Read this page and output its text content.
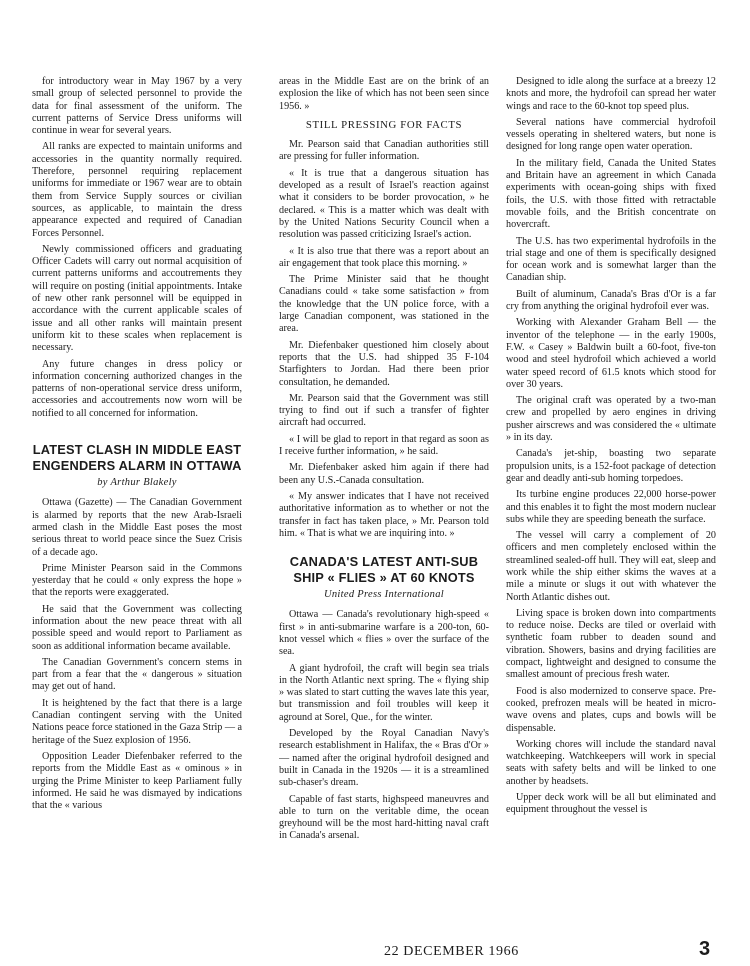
for introductory wear in May 1967 by a very small group of selected personnel to provide the data for final assessment of the uniform. The current patterns of Service Dress uniforms will continue in wear for several years.

All ranks are expected to maintain uniforms and accessories in the quantity normally required. Therefore, personnel requiring replacement uniforms for immediate or 1967 wear are to obtain them from Service Supply sources or civilian sources, as applicable, to maintain the dress appearance expected and required of Canadian Forces Personnel.

Newly commissioned officers and graduating Officer Cadets will carry out normal acquisition of current patterns uniforms and accoutrements they will require on posting (initial appointments. Intake of new other rank personnel will be equipped in accordance with the current applicable scales of issue and all other ranks will maintain present uniform kit to these scales when replacement is necessary.

Any future changes in dress policy or information concerning authorized changes in the patterns of non-operational service dress uniform, accessories and accoutrements now worn will be notified to all concerned for information.

LATEST CLASH IN MIDDLE EAST ENGENDERS ALARM IN OTTAWA
by Arthur Blakely

Ottawa (Gazette) — The Canadian Government is alarmed by reports that the new Arab-Israeli armed clash in the Middle East poses the most serious threat to world peace since the Suez Crisis of a decade ago.

Prime Minister Pearson said in the Commons yesterday that he could « only express the hope » that the reports were exaggerated.

He said that the Government was collecting information about the new peace threat with all possible speed and would report to Parliament as soon as additional information became available.

The Canadian Government's concern stems in part from a fear that the « dangerous » situation may get out of hand.

It is heightened by the fact that there is a large Canadian contingent serving with the United Nations peace force stationed in the Gaza Strip — a heritage of the Suez explosion of 1956.

Opposition Leader Diefenbaker referred to the reports from the Middle East as « ominous » in urging the Prime Minister to keep Parliament fully informed. He said he was dismayed by indications that the « various

areas in the Middle East are on the brink of an explosion the like of which has not been seen since 1956. »

STILL PRESSING FOR FACTS

Mr. Pearson said that Canadian authorities still are pressing for fuller information.

« It is true that a dangerous situation has developed as a result of Israel's reaction against what it considers to be border provocation, » he declared. « This is a matter which was dealt with by the United Nations Security Council when a resolution was passed criticizing Israel's action.

« It is also true that there was a report about an air engagement that took place this morning. »

The Prime Minister said that he thought Canadians could « take some satisfaction » from the knowledge that the UN police force, with a large Canadian component, was stationed in the area.

Mr. Diefenbaker questioned him closely about reports that the U.S. had shipped 35 F-104 Starfighters to Jordan. Had there been prior consultation, he demanded.

Mr. Pearson said that the Government was still trying to find out if such a transfer of fighter aircraft had occurred.

« I will be glad to report in that regard as soon as I receive further information, » he said.

Mr. Diefenbaker asked him again if there had been any U.S.-Canada consultation.

« My answer indicates that I have not received authoritative information as to whether or not the transfer in fact has taken place, » Mr. Pearson told him. « That is what we are inquiring into. »

CANADA'S LATEST ANTI-SUB SHIP « FLIES » AT 60 KNOTS
United Press International

Ottawa — Canada's revolutionary high-speed « first » in anti-submarine warfare is a 200-ton, 60-knot vessel which « flies » over the surface of the sea.

A giant hydrofoil, the craft will begin sea trials in the North Atlantic next spring. The « flying ship » was slated to start cutting the waves late this year, but transmission and foil troubles will keep it aground at Sorel, Que., for the winter.

Developed by the Royal Canadian Navy's research establishment in Halifax, the « Bras d'Or » — named after the original hydrofoil designed and built in Canada in the 1920s — it is a streamlined sub-chaser's dream.

Capable of fast starts, highspeed maneuvres and able to turn on the veritable dime, the ocean greyhound will be the most hard-hitting naval craft in Canada's arsenal.

Designed to idle along the surface at a breezy 12 knots and more, the hydrofoil can spread her water wings and race to the 60-knot top speed plus.

Several nations have commercial hydrofoil vessels operating in sheltered waters, but none is designed for long range open water operation.

In the military field, Canada the United States and Britain have an agreement in which Canada experiments with ocean-going ships with fixed foils, the U.S. with those fitted with retractable movable foils, and the British concentrate on hovercraft.

The U.S. has two experimental hydrofoils in the trial stage and one of them is specifically designed for ocean work and is somewhat larger than the Canadian ship.

Built of aluminum, Canada's Bras d'Or is a far cry from anything the original hydrofoil ever was.

Working with Alexander Graham Bell — the inventor of the telephone — in the early 1900s, F.W. « Casey » Baldwin built a 60-foot, five-ton wood and steel hydrofoil which achieved a world water speed record of 61.5 knots which stood for over 30 years.

The original craft was operated by a two-man crew and propelled by aero engines in driving pusher airscrews and was considered the « ultimate » in its day.

Canada's jet-ship, boasting two separate propulsion units, is a 152-foot package of detection gear and deadly anti-sub homing torpedoes.

Its turbine engine produces 22,000 horse-power and this enables it to fight the most modern nuclear subs while they are speeding beneath the surface.

The vessel will carry a complement of 20 officers and men completely enclosed within the streamlined sealed-off hull. They will eat, sleep and work while the ship either skims the waves at a mile a minute or slugs it out with whatever the North Atlantic dishes out.

Living space is broken down into compartments to reduce noise. Decks are tiled or overlaid with synthetic foam rubber to deaden sound and vibration. Showers, basins and drying facilities are compact, lightweight and designed to consume the smallest amount of precious fresh water.

Food is also modernized to conserve space. Pre-cooked, prefrozen meals will be heated in micro-wave ovens and plates, cups and bowls will be dispensable.

Working chores will include the standard naval watchkeeping. Watchkeepers will work in special seats with safety belts and will be linked to one another by headsets.

Upper deck work will be all but eliminated and equipment throughout the vessel is

22 DECEMBER 1966	3
